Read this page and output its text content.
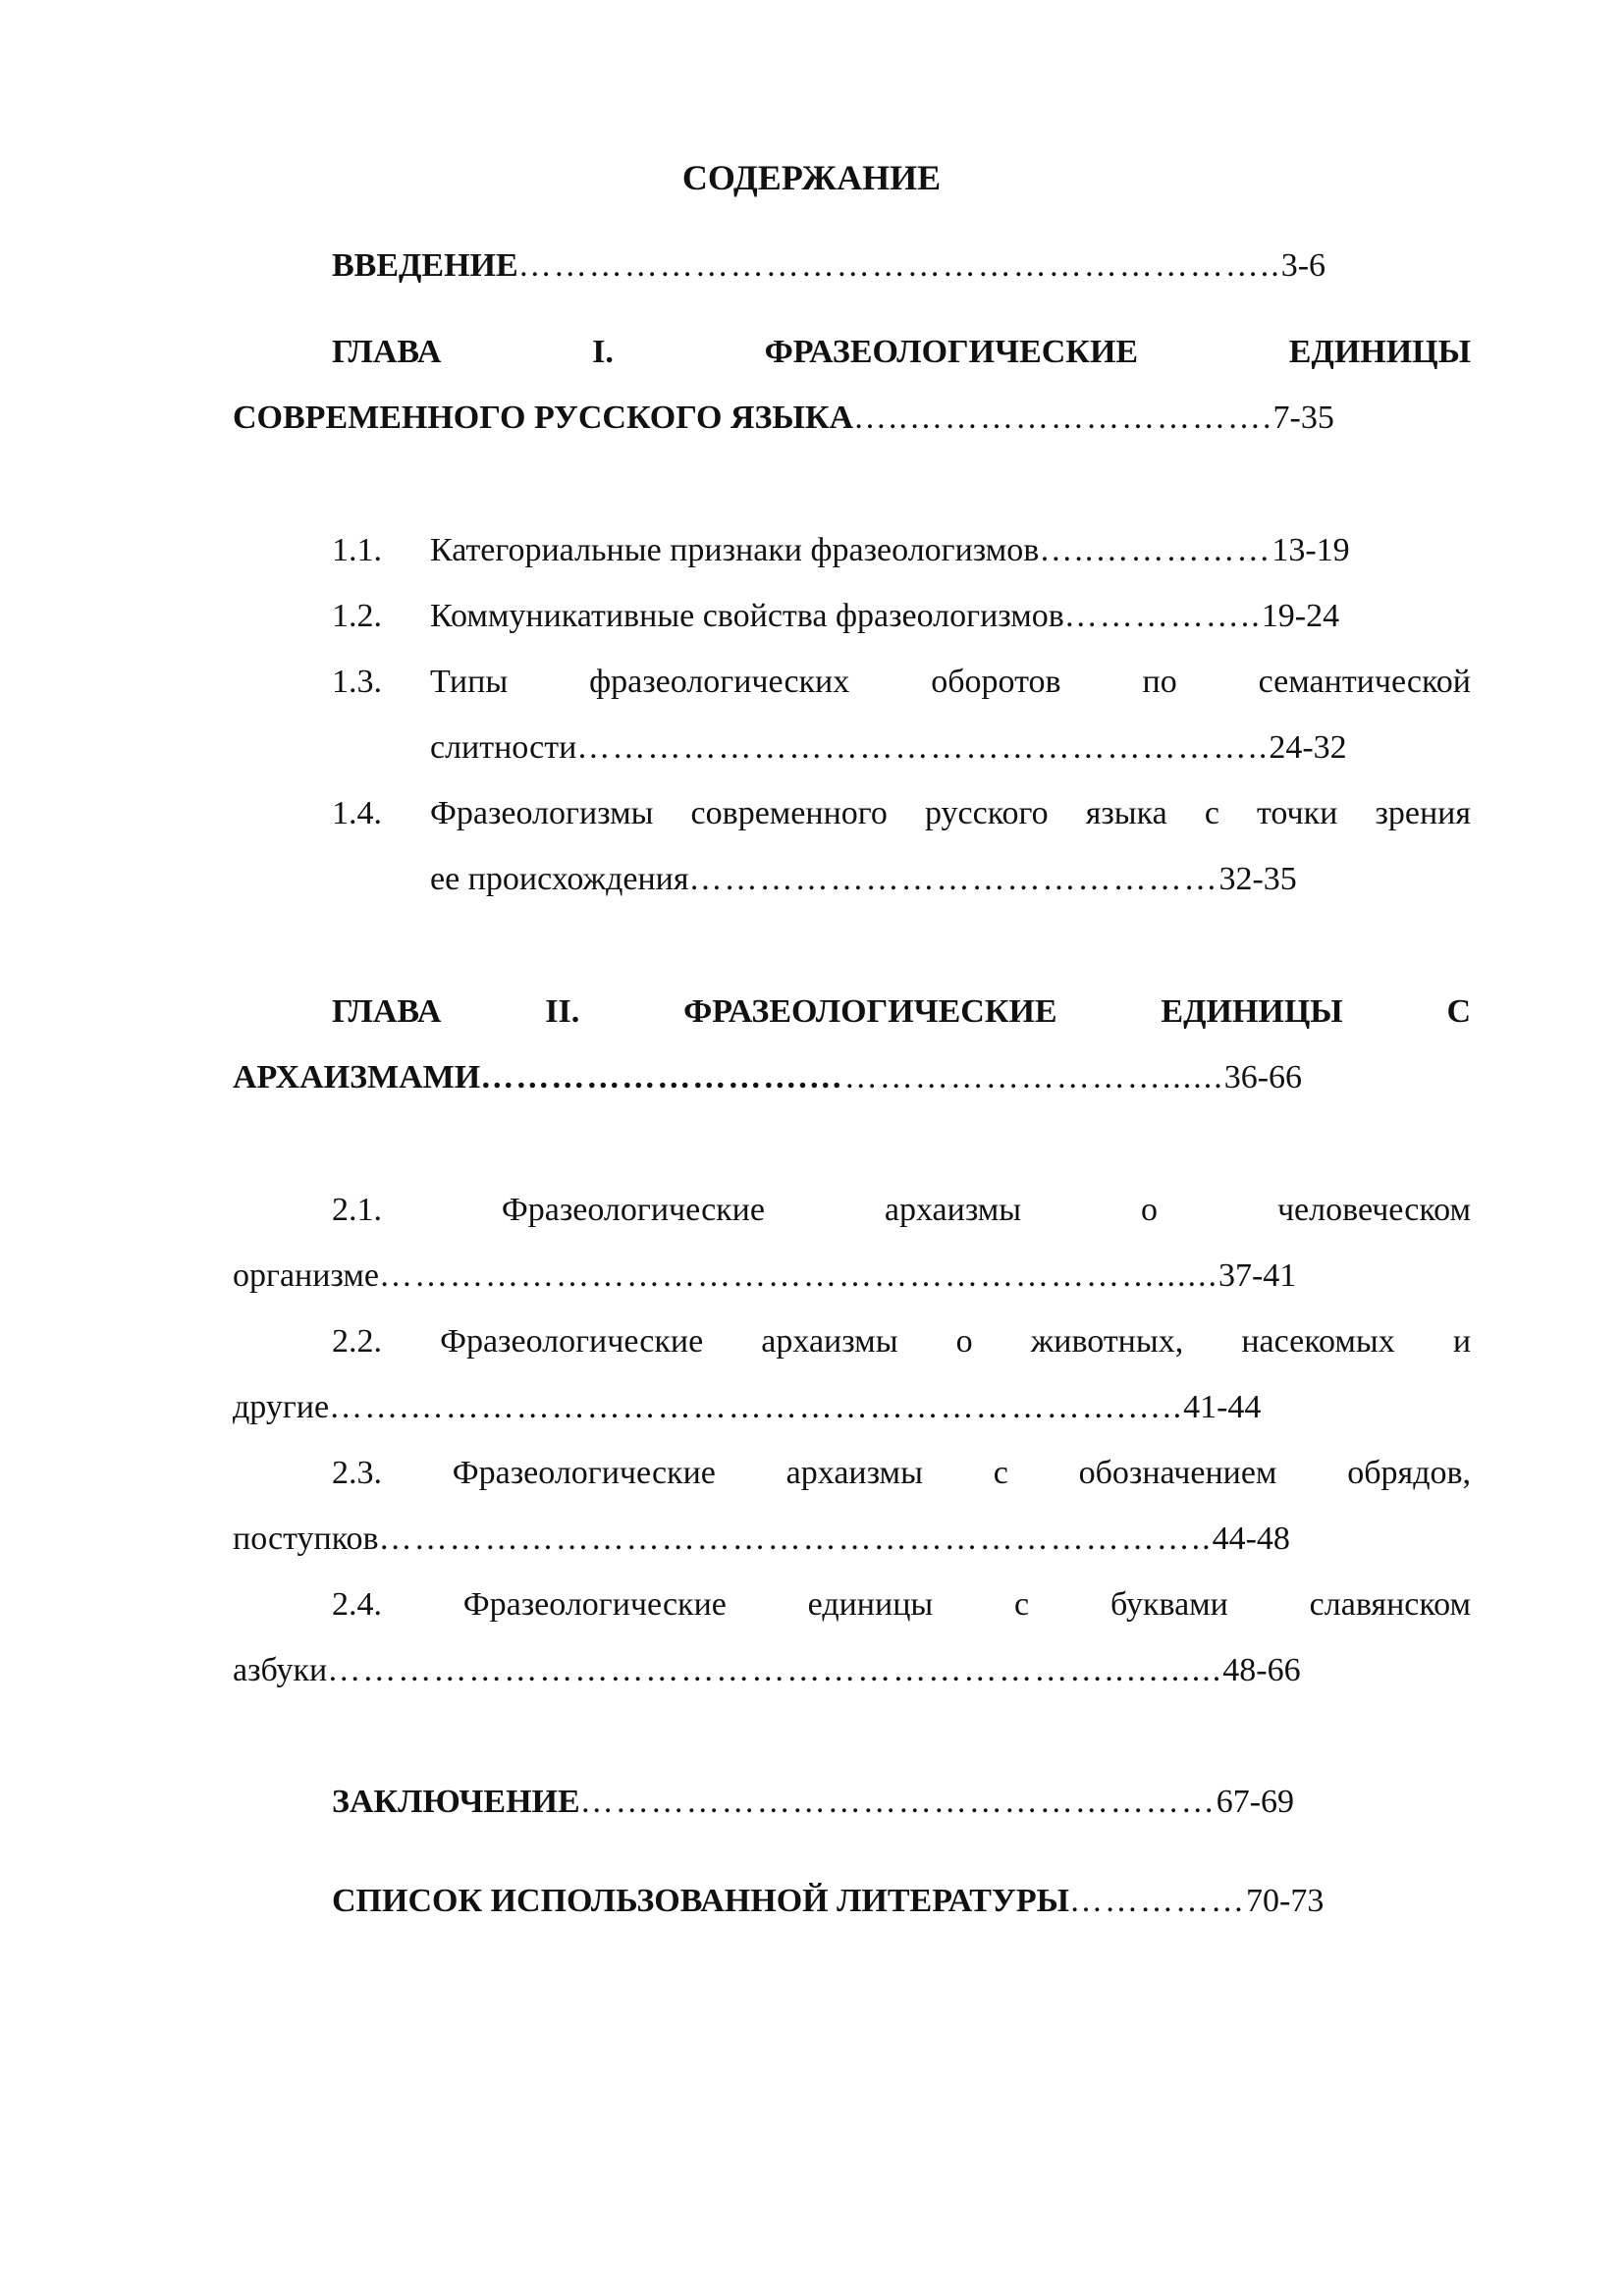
СОДЕРЖАНИЕ
ВВЕДЕНИЕ………………………………………………………..3-6
ГЛАВА	I.	ФРАЗЕОЛОГИЧЕСКИЕ	ЕДИНИЦЫ
СОВРЕМЕННОГО РУССКОГО ЯЗЫКА…..………………………….7-35
1.1. Категориальные признаки фразеологизмов…..……………13-19
1.2. Коммуникативные свойства фразеологизмов……………..19-24
1.3.	Типы фразеологических оборотов по семантической
слитности…………………………………………………..24-32
1.4.	Фразеологизмы современного русского языка с точки зрения
ее происхождения………………………………………32-35
ГЛАВА	II.	ФРАЗЕОЛОГИЧЕСКИЕ	ЕДИНИЦЫ	С
АРХАИЗМАМИ……………………….…………………………......36-66
2.1.	Фразеологические	архаизмы	о	человеческом
организме…………………………………………………………......37-41
2.2. Фразеологические архаизмы о животных, насекомых и
другие…….…………………………………………………….…..41-44
2.3. Фразеологические архаизмы с обозначением обрядов,
поступков……………………………………………………………..44-48
2.4. Фразеологические единицы с буквами славянском
азбуки…………………………………………………………..…......48-66
ЗАКЛЮЧЕНИЕ………………………………………………67-69
СПИСОК ИСПОЛЬЗОВАННОЙ ЛИТЕРАТУРЫ……………70-73
